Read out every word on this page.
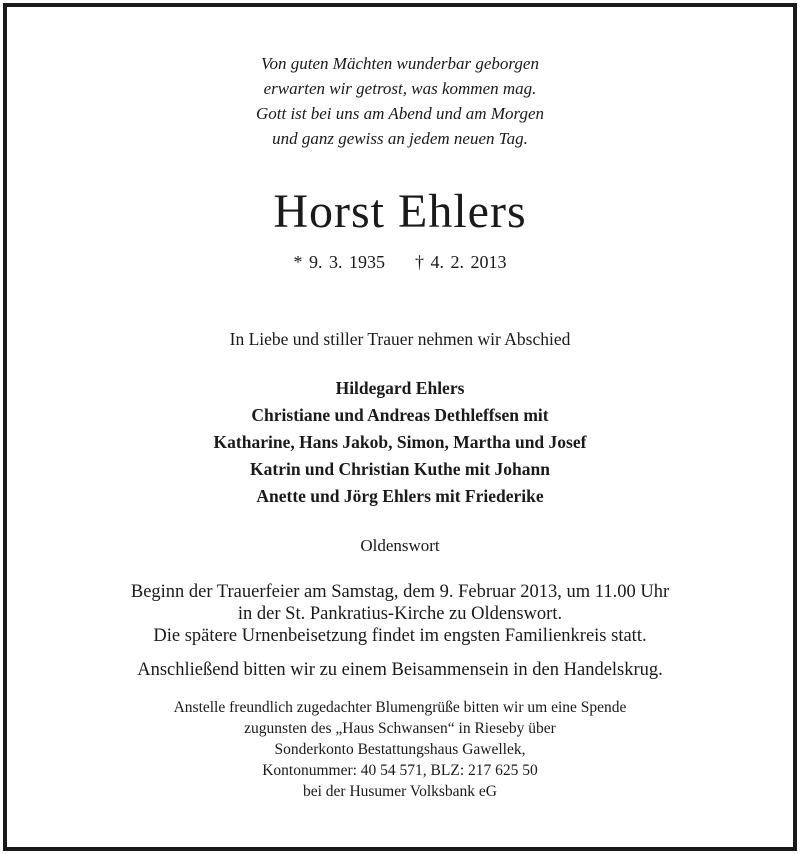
Von guten Mächten wunderbar geborgen
erwarten wir getrost, was kommen mag.
Gott ist bei uns am Abend und am Morgen
und ganz gewiss an jedem neuen Tag.
Horst Ehlers
* 9. 3. 1935 † 4. 2. 2013
In Liebe und stiller Trauer nehmen wir Abschied
Hildegard Ehlers
Christiane und Andreas Dethleffsen mit
Katharine, Hans Jakob, Simon, Martha und Josef
Katrin und Christian Kuthe mit Johann
Anette und Jörg Ehlers mit Friederike
Oldenswort
Beginn der Trauerfeier am Samstag, dem 9. Februar 2013, um 11.00 Uhr
in der St. Pankratius-Kirche zu Oldenswort.
Die spätere Urnenbeisetzung findet im engsten Familienkreis statt.
Anschließend bitten wir zu einem Beisammensein in den Handelskrug.
Anstelle freundlich zugedachter Blumengrüße bitten wir um eine Spende
zugunsten des „Haus Schwansen“ in Rieseby über
Sonderkonto Bestattungshaus Gawellek,
Kontonummer: 40 54 571, BLZ: 217 625 50
bei der Husumer Volksbank eG
